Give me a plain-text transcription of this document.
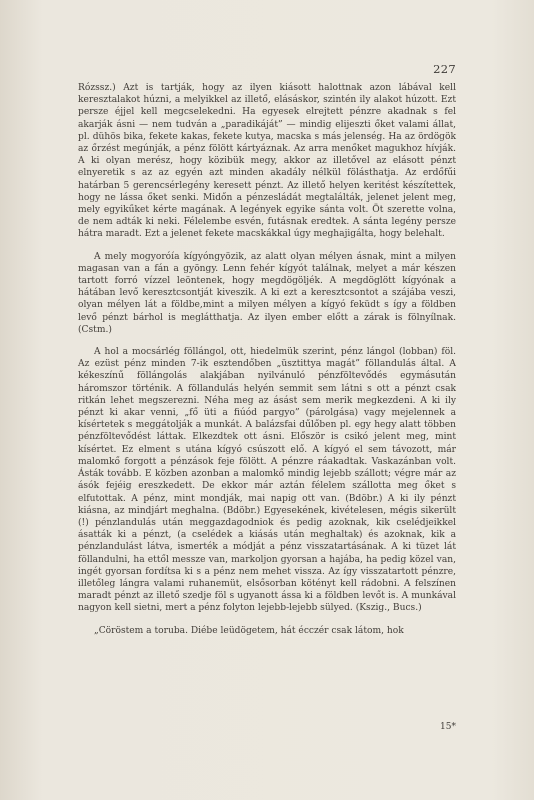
227

Rózssz.) Azt is tartják, hogy az ilyen kiásott halottnak azon lábával kell keresztalakot húzni, a melyikkel az illető, elásáskor, szintén ily alakot húzott. Ezt persze éjjel kell megcselekedni. Ha egyesek elrejtett pénzre akadnak s fel akarják ásni — nem tudván a „paradikáját” — mindig elijeszti őket valami állat, pl. dühös bika, fekete kakas, fekete kutya, macska s más jelenség. Ha az ördögök az őrzést megúnják, a pénz fölött kártyáznak. Az arra menőket magukhoz hívják. A ki olyan merész, hogy közibük megy, akkor az illetővel az elásott pénzt elnyeretik s az az egyén azt minden akadály nélkül fölásthatja. Az erdőfűi határban 5 gerencsérlegény keresett pénzt. Az illető helyen keritést készítettek, hogy ne lássa őket senki. Midőn a pénzesládát megtalálták, jelenet jelent meg, mely egyikűket kérte magának. A legények egyike sánta volt. Öt szerette volna, de nem adták ki neki. Félelembe esvén, futásnak eredtek. A sánta legény persze hátra maradt. Ezt a jelenet fekete macskákkal úgy meghajigálta, hogy belehalt.

A mely mogyoróía kígyóngyözik, az alatt olyan mélyen ásnak, mint a milyen magasan van a fán a gyöngy. Lenn fehér kígyót találnak, melyet a már készen tartott forró vízzel leöntenek, hogy megdögöljék. A megdöglött kígyónak a hátában levő keresztcsontját kiveszik. A ki ezt a keresztcsontot a szájába veszi, olyan mélyen lát a földbe,mint a milyen mélyen a kígyó feküdt s így a földben levő pénzt bárhol is meglátthatja. Az ilyen ember előtt a zárak is fölnyílnak. (Cstm.)

A hol a mocsárlég föllángol, ott, hiedelmük szerint, pénz lángol (lobban) föl. Az ezüst pénz minden 7-ik esztendőben „üsztittya magát” föllandulás által. A kékeszínű föllángolás alakjában nyilvánuló pénzföltevődés egymásután háromszor történik. A föllandulás helyén semmit sem látni s ott a pénzt csak ritkán lehet megszerezni. Néha meg az ásást sem merik megkezdeni. A ki ily pénzt ki akar venni, „fő üti a fiúód pargyo” (párolgása) vagy mejelennek a kísértetek s meggátolják a munkát. A balázsfai dűlőben pl. egy hegy alatt többen pénzföltevődést láttak. Elkezdtek ott ásni. Először is csikó jelent meg, mint kísértet. Ez elment s utána kígyó csúszott elő. A kígyó el sem távozott, már malomkő forgott a pénzások feje fölött. A pénzre ráakadtak. Vaskazánban volt. Ásták tovább. E közben azonban a malomkő mindig lejebb szállott; végre már az ásók fejéig ereszkedett. De ekkor már aztán félelem szállotta meg őket s elfutottak. A pénz, mint mondják, mai napig ott van. (Bdöbr.) A ki ily pénzt kiásna, az mindjárt meghalna. (Bdöbr.) Egyesekének, kivételesen, mégis sikerült (!) pénzlandulás után meggazdagodniok és pedig azoknak, kik cselédjeikkel ásatták ki a pénzt, (a cselédek a kiásás után meghaltak) és azoknak, kik a pénzlandulást látva, ismerték a módját a pénz visszatartásának. A ki tüzet lát föllandulni, ha ettől messze van, markoljon gyorsan a hajába, ha pedig közel van, ingét gyorsan fordítsa ki s a pénz nem mehet vissza. Az így visszatartott pénzre, illetőleg lángra valami ruhanemüt, elsősorban kötényt kell rádobni. A felszínen maradt pénzt az illető szedje föl s ugyanott ássa ki a földben levőt is. A munkával nagyon kell sietni, mert a pénz folyton lejebb-lejebb sülyed. (Kszig., Bucs.)

„Cöröstem a toruba. Diébe leüdögetem, hát écczér csak látom, hok

15*
